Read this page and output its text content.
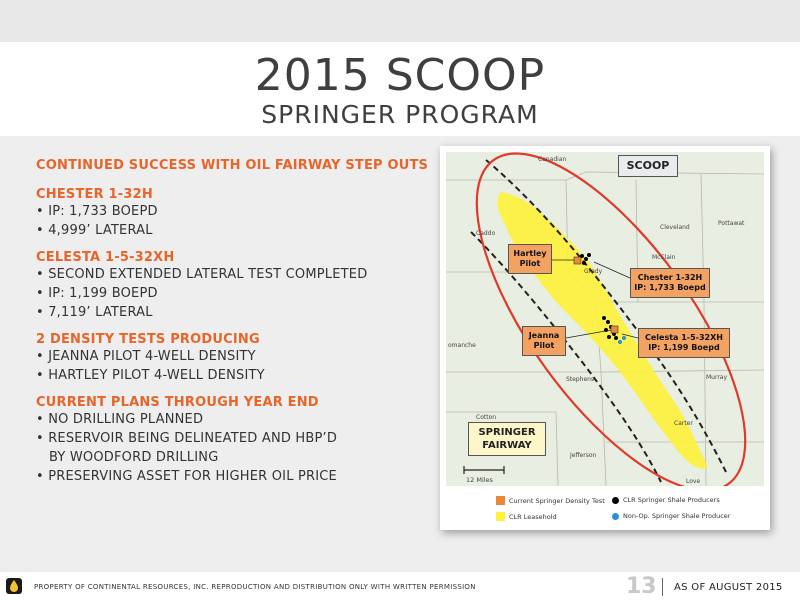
2015 SCOOP
SPRINGER PROGRAM

CONTINUED SUCCESS WITH OIL FAIRWAY STEP OUTS

CHESTER 1-32H

• IP: 1,733 BOEPD

• 4,999’ LATERAL

CELESTA 1-5-32XH

• SECOND EXTENDED LATERAL TEST COMPLETED

• IP: 1,199 BOEPD

• 7,119’ LATERAL

2 DENSITY TESTS PRODUCING

• JEANNA PILOT 4-WELL DENSITY

• HARTLEY PILOT 4-WELL DENSITY

CURRENT PLANS THROUGH YEAR END

• NO DRILLING PLANNED

• RESERVOIR BEING DELINEATED AND HBP’D

BY WOODFORD DRILLING

• PRESERVING ASSET FOR HIGHER OIL PRICE

Canadian
Caddo
Grady
Cleveland
Pottawat
McClain
omanche
Stephens	Murray
Carter
Cotton
Jefferson
Love
12 Miles
SCOOP
Hartley
Pilot
Chester 1-32H
IP: 1,733 Boepd
Jeanna
Pilot
Celesta 1-5-32XH
IP: 1,199 Boepd
SPRINGER
FAIRWAY
Current Springer Density Test
CLR Leasehold
CLR Springer Shale Producers
Non-Op. Springer Shale Producer
PROPERTY OF CONTINENTAL RESOURCES, INC. REPRODUCTION AND DISTRIBUTION ONLY WITH WRITTEN PERMISSION	13 AS OF AUGUST 2015
